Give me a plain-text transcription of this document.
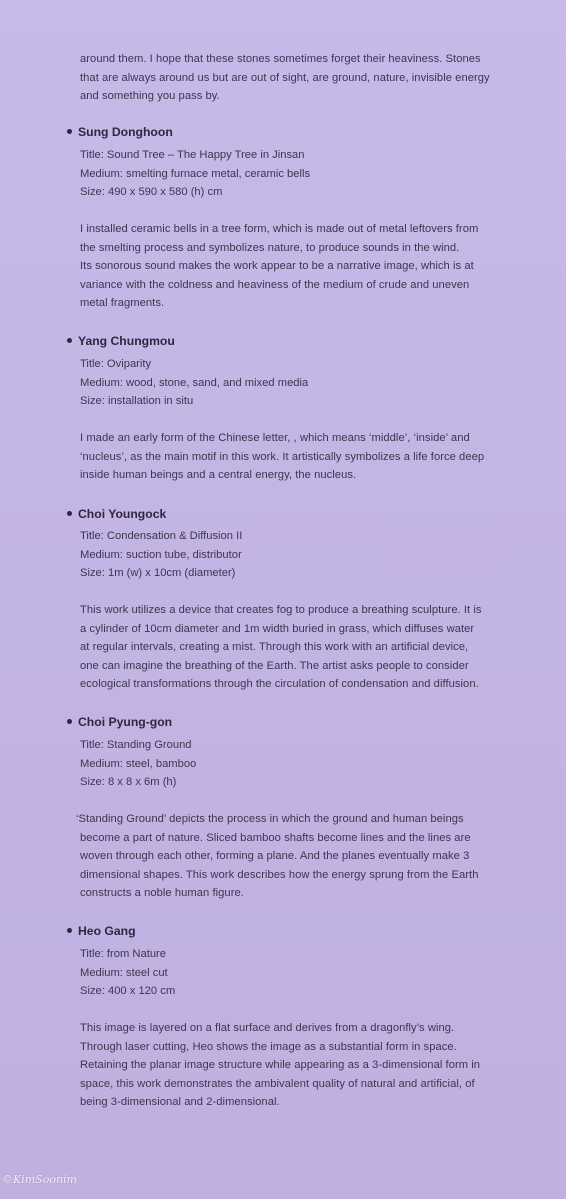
around them. I hope that these stones sometimes forget their heaviness. Stones
that are always around us but are out of sight, are ground, nature, invisible energy
and something you pass by.

Sung Donghoon

Title: Sound Tree – The Happy Tree in Jinsan
Medium: smelting furnace metal, ceramic bells
Size: 490 x 590 x 580 (h) cm

I installed ceramic bells in a tree form, which is made out of metal leftovers from
the smelting process and symbolizes nature, to produce sounds in the wind.
Its sonorous sound makes the work appear to be a narrative image, which is at
variance with the coldness and heaviness of the medium of crude and uneven
metal fragments.

Yang Chungmou

Title: Oviparity
Medium: wood, stone, sand, and mixed media
Size: installation in situ

I made an early form of the Chinese letter, , which means ‘middle’, ‘inside’ and
‘nucleus’, as the main motif in this work. It artistically symbolizes a life force deep
inside human beings and a central energy, the nucleus.

Choi Youngock

Title: Condensation & Diffusion II
Medium: suction tube, distributor
Size: 1m (w) x 10cm (diameter)

This work utilizes a device that creates fog to produce a breathing sculpture. It is
a cylinder of 10cm diameter and 1m width buried in grass, which diffuses water
at regular intervals, creating a mist. Through this work with an artificial device,
one can imagine the breathing of the Earth. The artist asks people to consider
ecological transformations through the circulation of condensation and diffusion.

Choi Pyung-gon

Title: Standing Ground
Medium: steel, bamboo
Size: 8 x 8 x 6m (h)

‘Standing Ground’ depicts the process in which the ground and human beings
become a part of nature. Sliced bamboo shafts become lines and the lines are
woven through each other, forming a plane. And the planes eventually make 3
dimensional shapes. This work describes how the energy sprung from the Earth
constructs a noble human figure.

Heo Gang

Title: from Nature
Medium: steel cut
Size: 400 x 120 cm

This image is layered on a flat surface and derives from a dragonfly’s wing.
Through laser cutting, Heo shows the image as a substantial form in space.
Retaining the planar image structure while appearing as a 3-dimensional form in
space, this work demonstrates the ambivalent quality of natural and artificial, of
being 3-dimensional and 2-dimensional.

©KimSoonim
